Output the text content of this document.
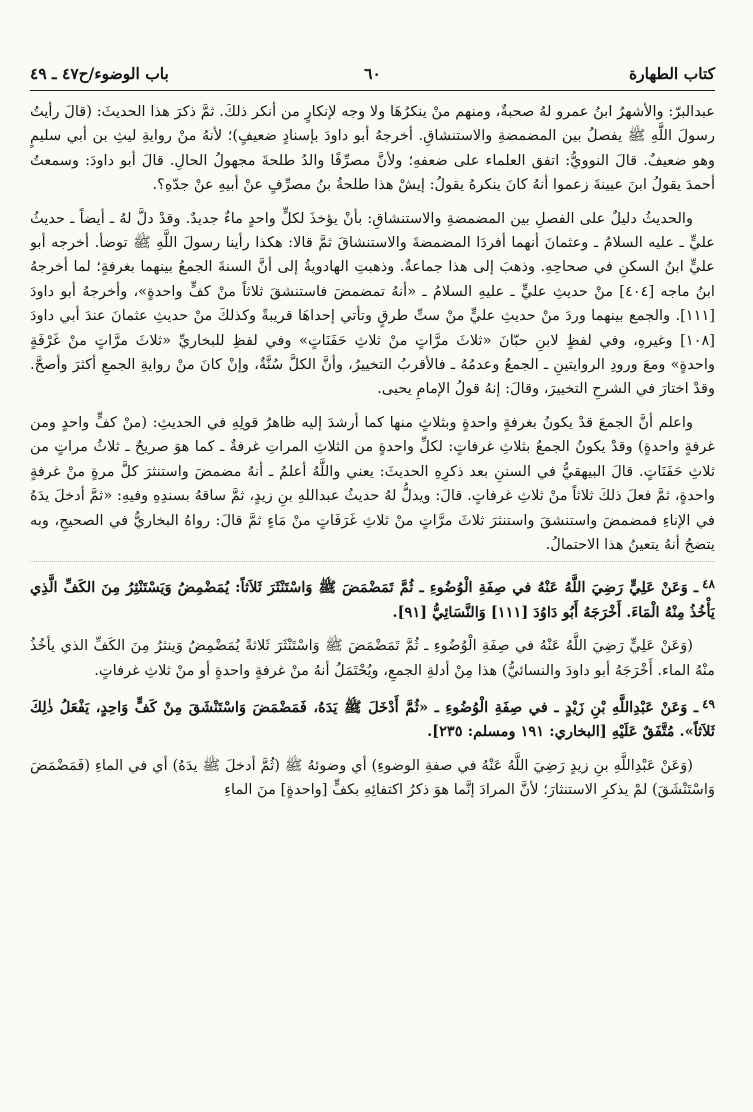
كتاب الطهارة
٦٠
باب الوضوء/ح٤٧ ـ ٤٩

عبدالبرّ: والأشهرُ ابنُ عمرو لهُ صحبةٌ، ومنهم منْ ينكرُهَا ولا وجه لإنكارٍ من أنكر ذلكَ. ثمَّ ذكرَ هذا الحديثَ: (قالَ رأيتُ رسولَ اللَّهِ ﷺ يفصلُ بين المضمضةِ والاستنشاقِ. أخرجهُ أبو داودَ بإسنادٍ ضعيفٍ)؛ لأنهُ منْ روايةِ ليثِ بن أبي سليمٍ وهو ضعيفٌ. قالَ النوويُّ: اتفق العلماء على ضعفهِ؛ ولأنَّ مصرِّفًا والدُ طلحةَ مجهولُ الحالِ. قالَ أبو داودَ: وسمعتُ أحمدَ يقولُ ابنَ عيينةَ زعموا أنهُ كانَ ينكرهُ يقولُ: إيشْ هذا طلحةُ بنُ مصرِّفٍ عنْ أبيهِ عنْ جدّهِ؟.

والحديثُ دليلٌ على الفصلِ بين المضمضةِ والاستنشاقِ: بأنْ يؤخذَ لكلٍّ واحدٍ ماءٌ جديدٌ. وقدْ دلَّ لهُ ـ أيضاً ـ حديثُ عليٍّ ـ عليه السلامُ ـ وعثمانَ أنهما أفردَا المضمضةَ والاستنشاقَ ثمَّ قالا: هكذا رأينا رسولَ اللَّهِ ﷺ توضأ. أخرجه أبو عليٍّ ابنُ السكنِ في صحاحِهِ. وذهبَ إلى هذا جماعةٌ. وذهبتِ الهادويةُ إلى أنَّ السنةَ الجمعُ بينهما بغرفةٍ؛ لما أخرجهُ ابنُ ماجه [٤٠٤] منْ حديثِ عليٍّ ـ عليهِ السلامُ ـ «أنهُ تمضمضَ فاستنشقَ ثلاثاً منْ كفٍّ واحدةٍ»، وأخرجهُ أبو داودَ [١١١]. والجمع بينهما وردَ منْ حديثِ عليٍّ منْ ستِّ طرقٍ وتأتي إحداهَا قريبةً وكذلكَ منْ حديثِ عثمانَ عندَ أبي داودَ [١٠٨] وغيرهِ، وفي لفظٍ لابنِ حبّانَ «ثلاثَ مرَّاتٍ منْ ثلاثِ حَفَنَاتٍ» وفي لفظِ للبخاريِّ «ثلاثَ مرَّاتٍ منْ غَرْفَةٍ واحدةٍ» ومعَ ورودِ الروايتينِ ـ الجمعُ وعدمُهُ ـ فالأقربُ التخييرُ، وأنَّ الكلَّ سُنَّةٌ، وإنْ كانَ منْ روايةِ الجمعِ أكثرَ وأصحَّ. وقدْ اختارَ في الشرحِ التخييرَ، وقالَ: إنهُ قولُ الإمامِ يحيى.

واعلم أنَّ الجمعَ قدْ يكونُ بغرفةٍ واحدةٍ وبثلاثٍ منها كما أرشدَ إليه ظاهرُ قولِهِ في الحديثِ: (منْ كفٍّ واحدٍ ومن غرفةٍ واحدةٍ) وقدْ يكونُ الجمعُ بثلاثِ غرفاتٍ: لكلِّ واحدةٍ من الثلاثِ المراتِ غرفةٌ ـ كما هوَ صريحٌ ـ ثلاثُ مراتٍ من ثلاثِ حَفَنَاتٍ. قالَ البيهقيُّ في السننِ بعد ذكرِهِ الحديثَ: يعني واللَّهُ أعلمُ ـ أنهُ مضمضَ واستنثرَ كلَّ مرةٍ منْ غرفةٍ واحدةٍ، ثمَّ فعلَ ذلكَ ثلاثاً منْ ثلاثِ غرفاتٍ. قالَ: ويدلُّ لهُ حديثُ عبداللهِ بنِ زيدٍ، ثمَّ ساقهُ بسندِهِ وفيهِ: «ثمَّ أدخلَ يدَهُ في الإناءِ فمضمضَ واستنشقَ واستنثرَ ثلاثَ مرَّاتٍ منْ ثلاثِ غَرَفَاتٍ منْ مَاءٍ ثمَّ قالَ: رواهُ البخاريُّ في الصحيحِ، وبه يتضحُ أنهُ يتعينُ هذا الاحتمالُ.

$^{٤٨}$ـ وَعَنْ عَلِيٍّ رَضِيَ اللَّهُ عَنْهُ في صِفَةِ الْوُضُوءِ ـ ثُمَّ تَمَضْمَضَ ﷺ وَاسْتَنْثَرَ ثَلاَثاً: يُمَضْمِضُ وَيَسْتَنْثِرُ مِنَ الكَفِّ الَّذِي يَأْخُذُ مِنْهُ الْمَاءَ. أَخْرَجَهُ أَبُو دَاوُدَ [١١١] وَالنَّسَائِيُّ [٩١].

(وَعَنْ عَلِيٍّ رَضِيَ اللَّهُ عَنْهُ في صِفَةِ الْوُضُوءِ ـ ثُمَّ تَمَضْمَضَ ﷺ وَاسْتَنْثَرَ ثَلاثةً يُمَضْمِضُ وَينثرُ مِنَ الكَفِّ الذي يأخُذُ منْهُ الماء. أَخْرَجَهُ أبو داودَ والنسائيُّ) هذا مِنْ أدلةِ الجمعِ، ويُحْتَمَلُ أنهُ منْ غرفةٍ واحدةٍ أو منْ ثلاثِ غرفاتٍ.

$^{٤٩}$ـ وَعَنْ عَبْدِاللَّهِ بْنِ زَيْدٍ ـ في صِفَةِ الْوُضُوءِ ـ «ثُمَّ أَدْخَلَ ﷺ يَدَهُ، فَمَضْمَضَ وَاسْتَنْشَقَ مِنْ كَفٍّ وَاحِدٍ، يَفْعَلُ ذٰلِكَ ثَلاَثاً». مُتَّفَقٌ عَلَيْهِ [البخاري: ١٩١ ومسلم: ٢٣٥].

(وَعَنْ عَبْدِاللَّهِ بنِ زيدٍ رَضِيَ اللَّهُ عَنْهُ في صفةِ الوضوءِ) أي وضوئهُ ﷺ (ثُمَّ أدخلَ ﷺ يدَهُ) أي في الماءِ (فَمَضْمَضَ وَاسْتَنْشَقَ) لمْ يذكرِ الاستنثارَ؛ لأنَّ المرادَ إنَّما هوَ ذكرُ اكتفائِهِ بكفٍّ [واحدةٍ] منَ الماءِ
